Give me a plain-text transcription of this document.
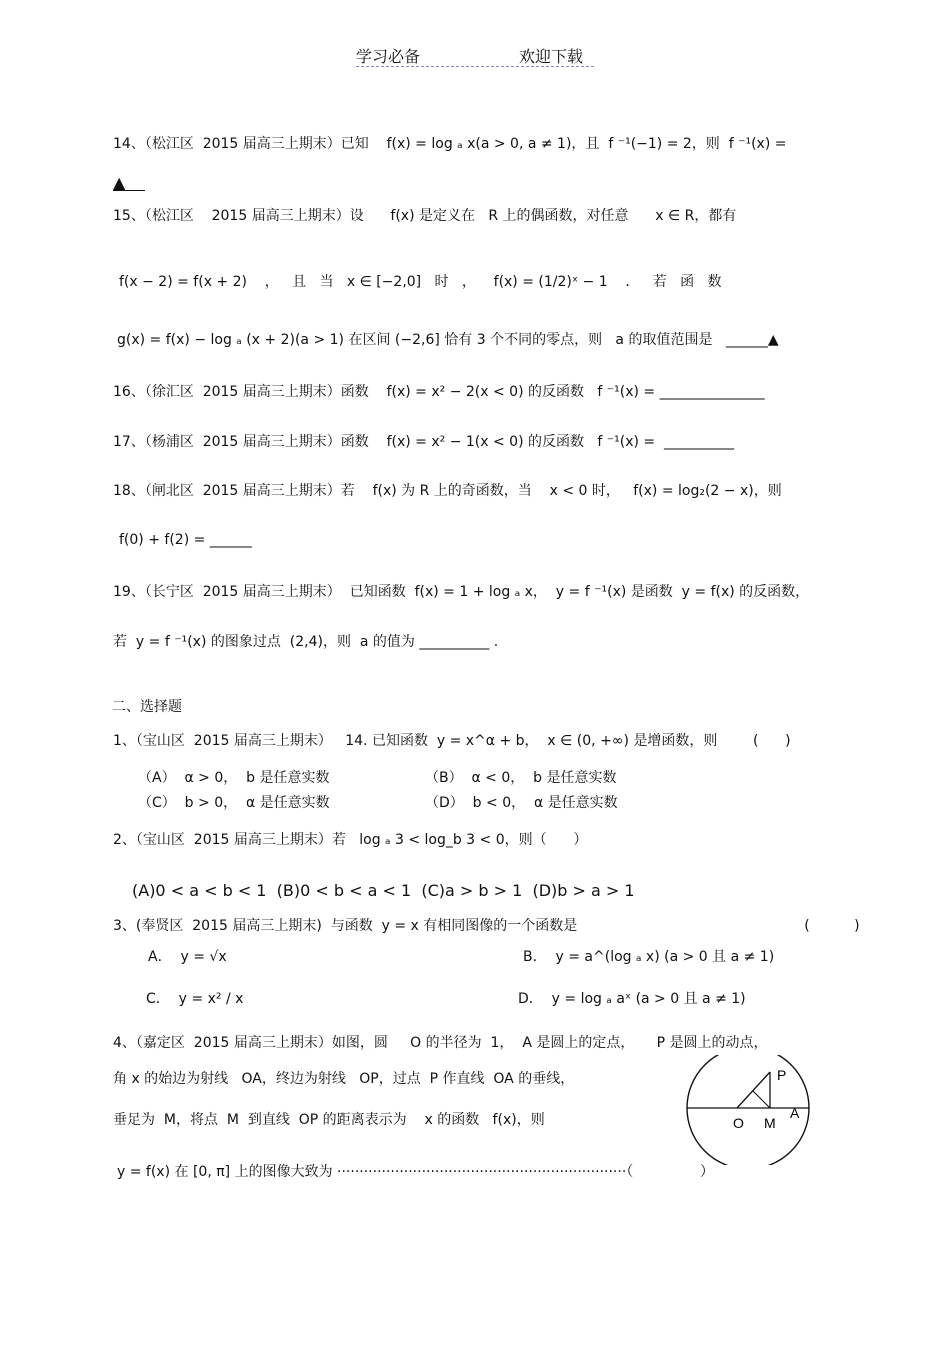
学习必备	欢迎下载
14、（松江区  2015 届高三上期末）已知    f(x) = log ₐ x(a > 0, a ≠ 1)，且  f ⁻¹(−1) = 2，则  f ⁻¹(x) =
15、（松江区    2015 届高三上期末）设      f(x) 是定义在   R 上的偶函数，对任意      x ∈ R，都有
f(x − 2) = f(x + 2)    ，   且   当   x ∈ [−2,0]   时   ，    f(x) = (1/2)ˣ − 1    ．   若   函   数
g(x) = f(x) − log ₐ (x + 2)(a > 1) 在区间 (−2,6] 恰有 3 个不同的零点，则   a 的取值范围是   ______▲
16、（徐汇区  2015 届高三上期末）函数    f(x) = x² − 2(x < 0) 的反函数   f ⁻¹(x) = _______________
17、（杨浦区  2015 届高三上期末）函数    f(x) = x² − 1(x < 0) 的反函数   f ⁻¹(x) =  __________
18、（闸北区  2015 届高三上期末）若    f(x) 为 R 上的奇函数，当    x < 0 时，   f(x) = log₂(2 − x)，则
f(0) + f(2) = ______
19、（长宁区  2015 届高三上期末）  已知函数  f(x) = 1 + log ₐ x，  y = f ⁻¹(x) 是函数  y = f(x) 的反函数，
若  y = f ⁻¹(x) 的图象过点  (2,4)，则  a 的值为 __________ .
1、（宝山区  2015 届高三上期末）   14. 已知函数  y = x^α + b，  x ∈ (0, +∞) 是增函数，则        (      )
（A）  α > 0，  b 是任意实数	（B）  α < 0，  b 是任意实数
（C）  b > 0，  α 是任意实数	（D）  b < 0，  α 是任意实数
2、（宝山区  2015 届高三上期末）若   log ₐ 3 < log_b 3 < 0，则（      ）
(A)0 < a < b < 1  (B)0 < b < a < 1  (C)a > b > 1  (D)b > a > 1
3、(奉贤区  2015 届高三上期末)  与函数  y = x 有相同图像的一个函数是                                                   (          )
A．  y = √x	B．  y = a^(log ₐ x) (a > 0 且 a ≠ 1)
C．  y = x² / x	D．  y = log ₐ aˣ (a > 0 且 a ≠ 1)
4、（嘉定区  2015 届高三上期末）如图，圆     O 的半径为  1，  A 是圆上的定点，     P 是圆上的动点，
角 x 的始边为射线   OA，终边为射线   OP，过点  P 作直线  OA 的垂线，
垂足为  M，将点  M  到直线  OP 的距离表示为    x 的函数   f(x)，则
y = f(x) 在 [0, π] 上的图像大致为 ·································································（               ）
▲
二、选择题
P
A
O M
